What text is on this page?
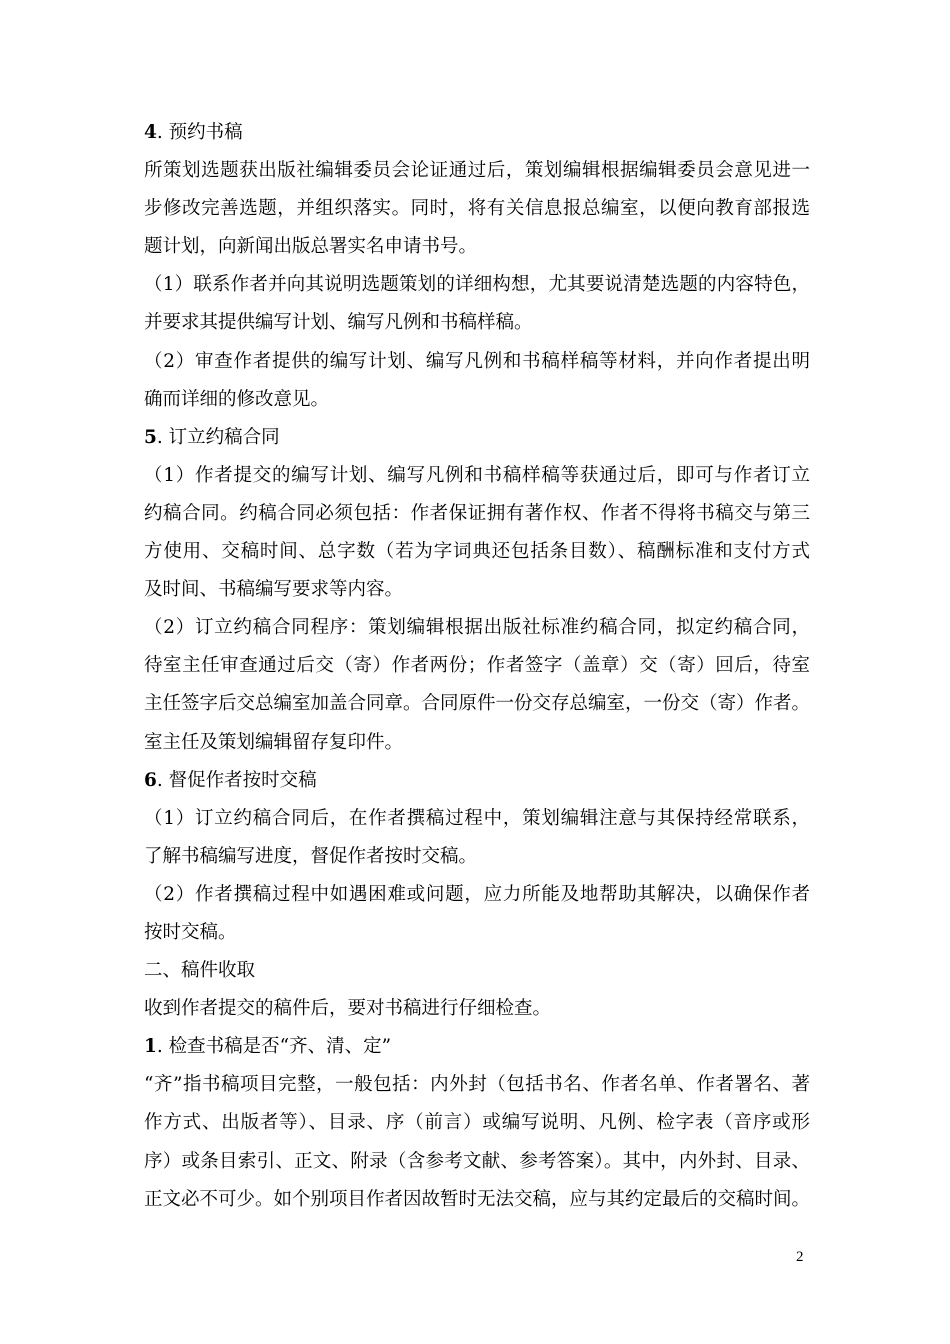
4. 预约书稿
所策划选题获出版社编辑委员会论证通过后，策划编辑根据编辑委员会意见进一
步修改完善选题，并组织落实。同时，将有关信息报总编室，以便向教育部报选
题计划，向新闻出版总署实名申请书号。
（1）联系作者并向其说明选题策划的详细构想，尤其要说清楚选题的内容特色，
并要求其提供编写计划、编写凡例和书稿样稿。
（2）审查作者提供的编写计划、编写凡例和书稿样稿等材料，并向作者提出明
确而详细的修改意见。
5. 订立约稿合同
（1）作者提交的编写计划、编写凡例和书稿样稿等获通过后，即可与作者订立
约稿合同。约稿合同必须包括：作者保证拥有著作权、作者不得将书稿交与第三
方使用、交稿时间、总字数（若为字词典还包括条目数）、稿酬标准和支付方式
及时间、书稿编写要求等内容。
（2）订立约稿合同程序：策划编辑根据出版社标准约稿合同，拟定约稿合同，
待室主任审查通过后交（寄）作者两份；作者签字（盖章）交（寄）回后，待室
主任签字后交总编室加盖合同章。合同原件一份交存总编室，一份交（寄）作者。
室主任及策划编辑留存复印件。
6. 督促作者按时交稿
（1）订立约稿合同后，在作者撰稿过程中，策划编辑注意与其保持经常联系，
了解书稿编写进度，督促作者按时交稿。
（2）作者撰稿过程中如遇困难或问题，应力所能及地帮助其解决，以确保作者
按时交稿。
二、稿件收取
收到作者提交的稿件后，要对书稿进行仔细检查。
1. 检查书稿是否“齐、清、定”
“齐”指书稿项目完整，一般包括：内外封（包括书名、作者名单、作者署名、著
作方式、出版者等）、目录、序（前言）或编写说明、凡例、检字表（音序或形
序）或条目索引、正文、附录（含参考文献、参考答案）。其中，内外封、目录、
正文必不可少。如个别项目作者因故暂时无法交稿，应与其约定最后的交稿时间。
2
